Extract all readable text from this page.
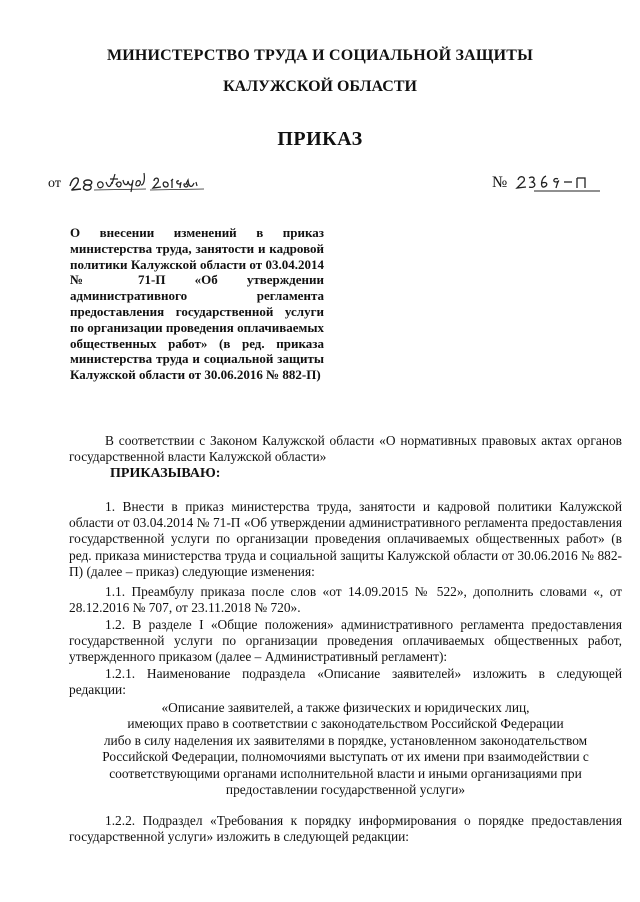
МИНИСТЕРСТВО ТРУДА И СОЦИАЛЬНОЙ ЗАЩИТЫ
КАЛУЖСКОЙ ОБЛАСТИ
ПРИКАЗ
от	№
О внесении изменений в приказ министерства труда, занятости и кадровой политики Калужской области от 03.04.2014 № 71-П «Об утверждении административного регламента предоставления государственной услуги по организации проведения оплачиваемых общественных работ» (в ред. приказа министерства труда и социальной защиты Калужской области от 30.06.2016 № 882-П)
В соответствии с Законом Калужской области «О нормативных правовых актах органов государственной власти Калужской области»
ПРИКАЗЫВАЮ:
1. Внести в приказ министерства труда, занятости и кадровой политики Калужской области от 03.04.2014 № 71-П «Об утверждении административного регламента предоставления государственной услуги по организации проведения оплачиваемых общественных работ» (в ред. приказа министерства труда и социальной защиты Калужской области от 30.06.2016 № 882-П) (далее – приказ) следующие изменения:
1.1. Преамбулу приказа после слов «от 14.09.2015 № 522», дополнить словами «, от 28.12.2016 № 707, от 23.11.2018 № 720».
1.2. В разделе I «Общие положения» административного регламента предоставления государственной услуги по организации проведения оплачиваемых общественных работ, утвержденного приказом (далее – Административный регламент):
1.2.1. Наименование подраздела «Описание заявителей» изложить в следующей редакции:
«Описание заявителей, а также физических и юридических лиц,
имеющих право в соответствии с законодательством Российской Федерации
либо в силу наделения их заявителями в порядке, установленном законодательством
Российской Федерации, полномочиями выступать от их имени при взаимодействии с
соответствующими органами исполнительной власти и иными организациями при
предоставлении государственной услуги»
1.2.2. Подраздел «Требования к порядку информирования о порядке предоставления государственной услуги» изложить в следующей редакции:
